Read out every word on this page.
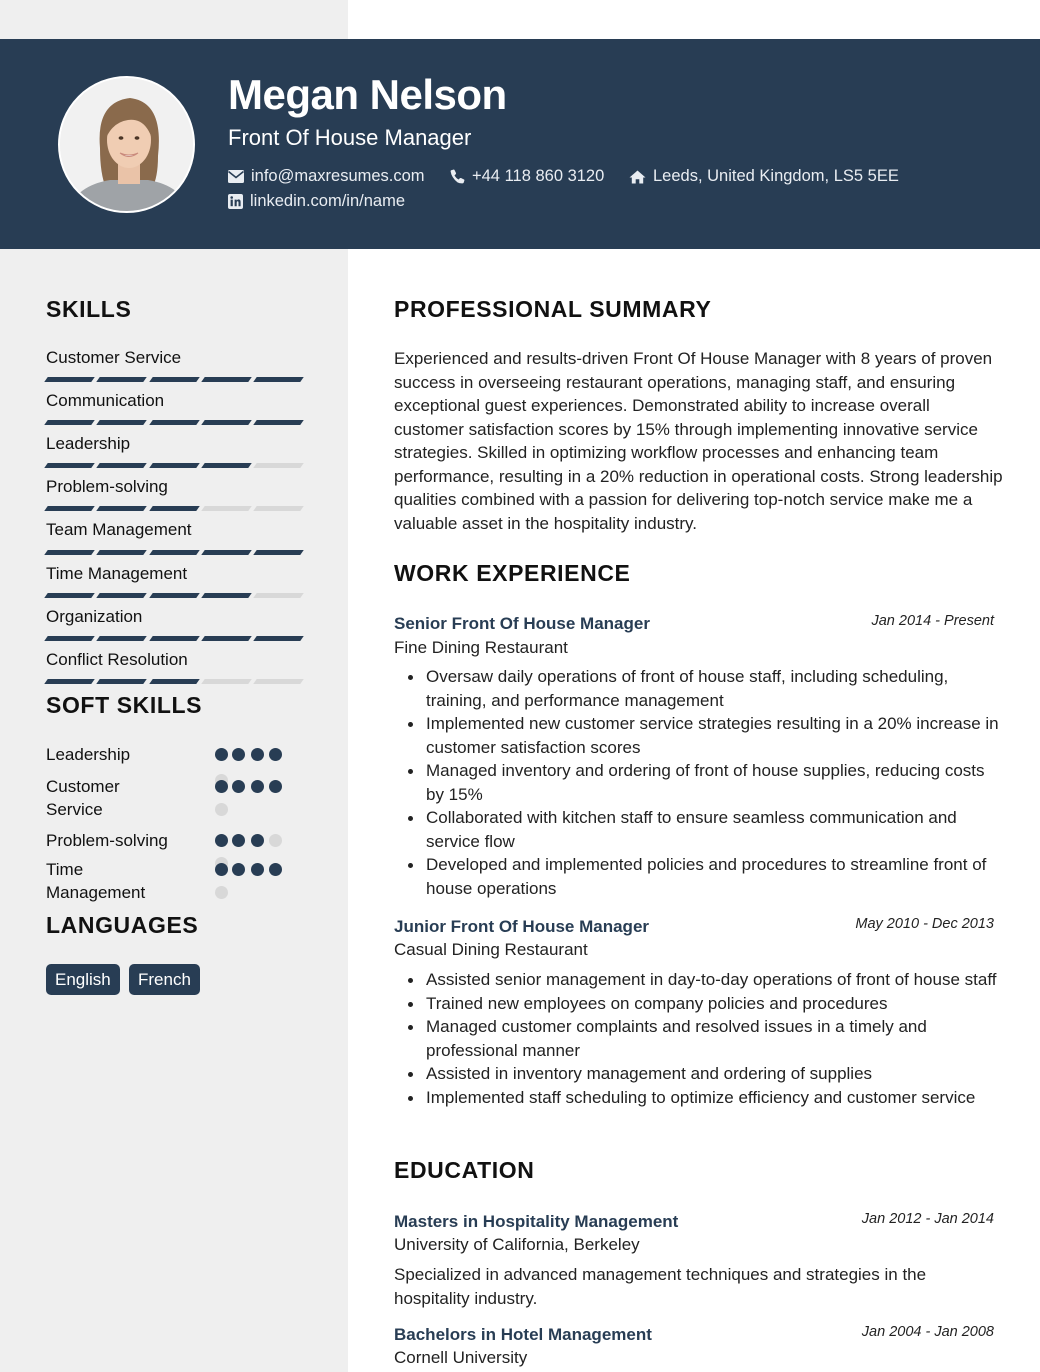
Megan Nelson
Front Of House Manager
info@maxresumes.com	+44 118 860 3120	Leeds, United Kingdom, LS5 5EE
linkedin.com/in/name
SKILLS
Customer Service
Communication
Leadership
Problem-solving
Team Management
Time Management
Organization
Conflict Resolution
SOFT SKILLS
Leadership
Customer Service
Problem-solving
Time Management
LANGUAGES
English	French
PROFESSIONAL SUMMARY
Experienced and results-driven Front Of House Manager with 8 years of proven success in overseeing restaurant operations, managing staff, and ensuring exceptional guest experiences. Demonstrated ability to increase overall customer satisfaction scores by 15% through implementing innovative service strategies. Skilled in optimizing workflow processes and enhancing team performance, resulting in a 20% reduction in operational costs. Strong leadership qualities combined with a passion for delivering top-notch service make me a valuable asset in the hospitality industry.
WORK EXPERIENCE
Senior Front Of House Manager	Jan 2014 - Present
Fine Dining Restaurant
Oversaw daily operations of front of house staff, including scheduling, training, and performance management
Implemented new customer service strategies resulting in a 20% increase in customer satisfaction scores
Managed inventory and ordering of front of house supplies, reducing costs by 15%
Collaborated with kitchen staff to ensure seamless communication and service flow
Developed and implemented policies and procedures to streamline front of house operations
Junior Front Of House Manager	May 2010 - Dec 2013
Casual Dining Restaurant
Assisted senior management in day-to-day operations of front of house staff
Trained new employees on company policies and procedures
Managed customer complaints and resolved issues in a timely and professional manner
Assisted in inventory management and ordering of supplies
Implemented staff scheduling to optimize efficiency and customer service
EDUCATION
Masters in Hospitality Management	Jan 2012 - Jan 2014
University of California, Berkeley
Specialized in advanced management techniques and strategies in the hospitality industry.
Bachelors in Hotel Management	Jan 2004 - Jan 2008
Cornell University
